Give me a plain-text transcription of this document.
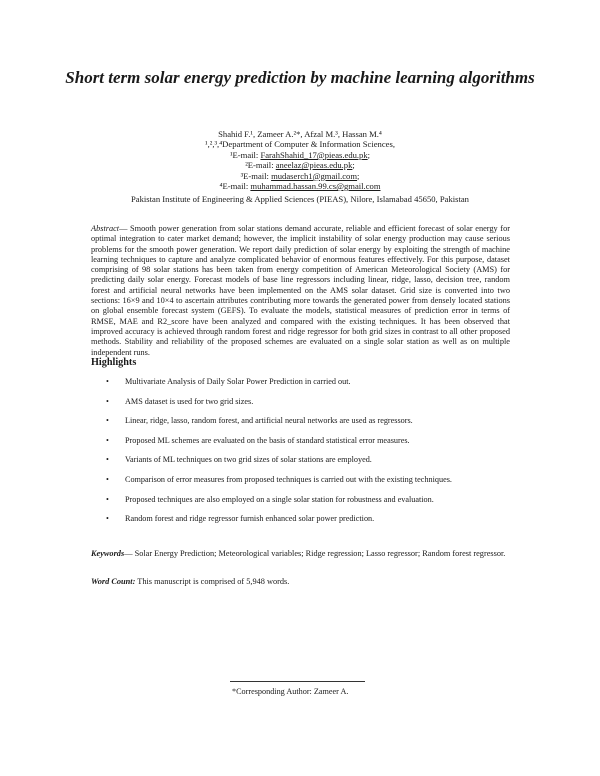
Short term solar energy prediction by machine learning algorithms
Shahid F.¹, Zameer A.²*, Afzal M.³, Hassan M.⁴
¹,²,³,⁴Department of Computer & Information Sciences,
¹E-mail: FarahShahid_17@pieas.edu.pk;
²E-mail: aneelaz@pieas.edu.pk;
³E-mail: mudaserch1@gmail.com;
⁴E-mail: muhammad.hassan.99.cs@gmail.com
Pakistan Institute of Engineering & Applied Sciences (PIEAS), Nilore, Islamabad 45650, Pakistan
Abstract— Smooth power generation from solar stations demand accurate, reliable and efficient forecast of solar energy for optimal integration to cater market demand; however, the implicit instability of solar energy production may cause serious problems for the smooth power generation. We report daily prediction of solar energy by exploiting the strength of machine learning techniques to capture and analyze complicated behavior of enormous features effectively. For this purpose, dataset comprising of 98 solar stations has been taken from energy competition of American Meteorological Society (AMS) for predicting daily solar energy. Forecast models of base line regressors including linear, ridge, lasso, decision tree, random forest and artificial neural networks have been implemented on the AMS solar dataset. Grid size is converted into two sections: 16×9 and 10×4 to ascertain attributes contributing more towards the generated power from densely located stations on global ensemble forecast system (GEFS). To evaluate the models, statistical measures of prediction error in terms of RMSE, MAE and R2_score have been analyzed and compared with the existing techniques. It has been observed that improved accuracy is achieved through random forest and ridge regressor for both grid sizes in contrast to all other proposed methods. Stability and reliability of the proposed schemes are evaluated on a single solar station as well as on multiple independent runs.
Highlights
• Multivariate Analysis of Daily Solar Power Prediction in carried out.
• AMS dataset is used for two grid sizes.
• Linear, ridge, lasso, random forest, and artificial neural networks are used as regressors.
• Proposed ML schemes are evaluated on the basis of standard statistical error measures.
• Variants of ML techniques on two grid sizes of solar stations are employed.
• Comparison of error measures from proposed techniques is carried out with the existing techniques.
• Proposed techniques are also employed on a single solar station for robustness and evaluation.
• Random forest and ridge regressor furnish enhanced solar power prediction.
Keywords— Solar Energy Prediction; Meteorological variables; Ridge regression; Lasso regressor; Random forest regressor.
Word Count: This manuscript is comprised of 5,948 words.
*Corresponding Author: Zameer A.
